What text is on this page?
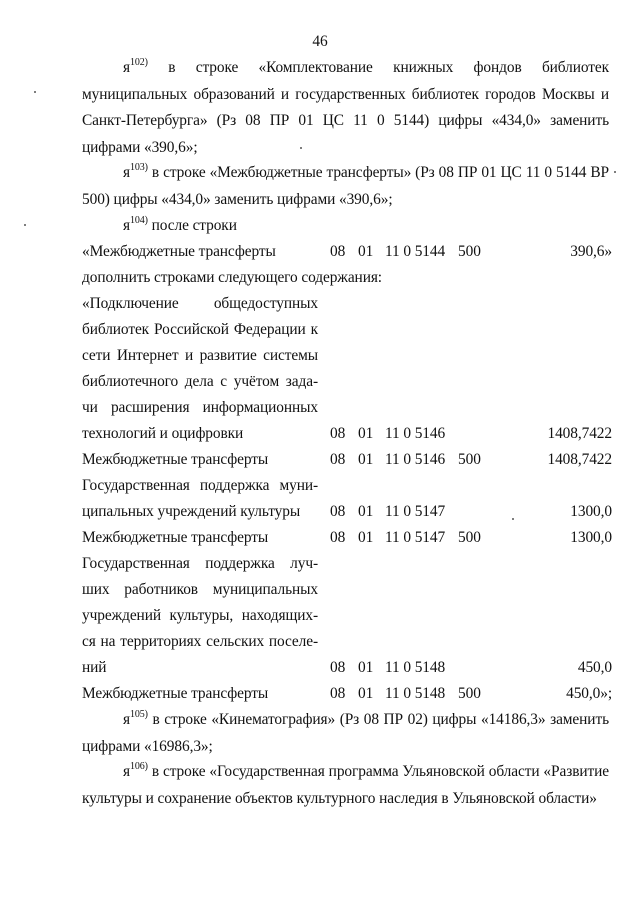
46

$я^{102)}$ в строке «Комплектование книжных фондов библиотек муниципальных образований и государственных библиотек городов Москвы и Санкт-Петербурга» (Рз 08 ПР 01 ЦС 11 0 5144) цифры «434,0» заменить цифрами «390,6»;

$я^{103)}$ в строке «Межбюджетные трансферты» (Рз 08 ПР 01 ЦС 11 0 5144 ВР 500) цифры «434,0» заменить цифрами «390,6»;

$я^{104)}$ после строки

«Межбюджетные трансферты	08 01 11 0 5144 500	390,6»
дополнить строками следующего содержания:
«Подключение общедоступных
библиотек Российской Федерации к
сети Интернет и развитие системы
библиотечного дела с учётом зада-
чи расширения информационных
технологий и оцифровки	08 01 11 0 5146	1408,7422
Межбюджетные трансферты	08 01 11 0 5146 500	1408,7422
Государственная поддержка муни-
ципальных учреждений культуры 08 01 11 0 5147	1300,0
Межбюджетные трансферты	08 01 11 0 5147 500	1300,0
Государственная поддержка луч-
ших работников муниципальных
учреждений культуры, находящих-
ся на территориях сельских поселе-
ний	08 01 11 0 5148	450,0
Межбюджетные трансферты	08 01 11 0 5148 500	450,0»;

$я^{105)}$ в строке «Кинематография» (Рз 08 ПР 02) цифры «14186,3» заменить цифрами «16986,3»;

$я^{106)}$ в строке «Государственная программа Ульяновской области «Развитие культуры и сохранение объектов культурного наследия в Ульяновской области»
